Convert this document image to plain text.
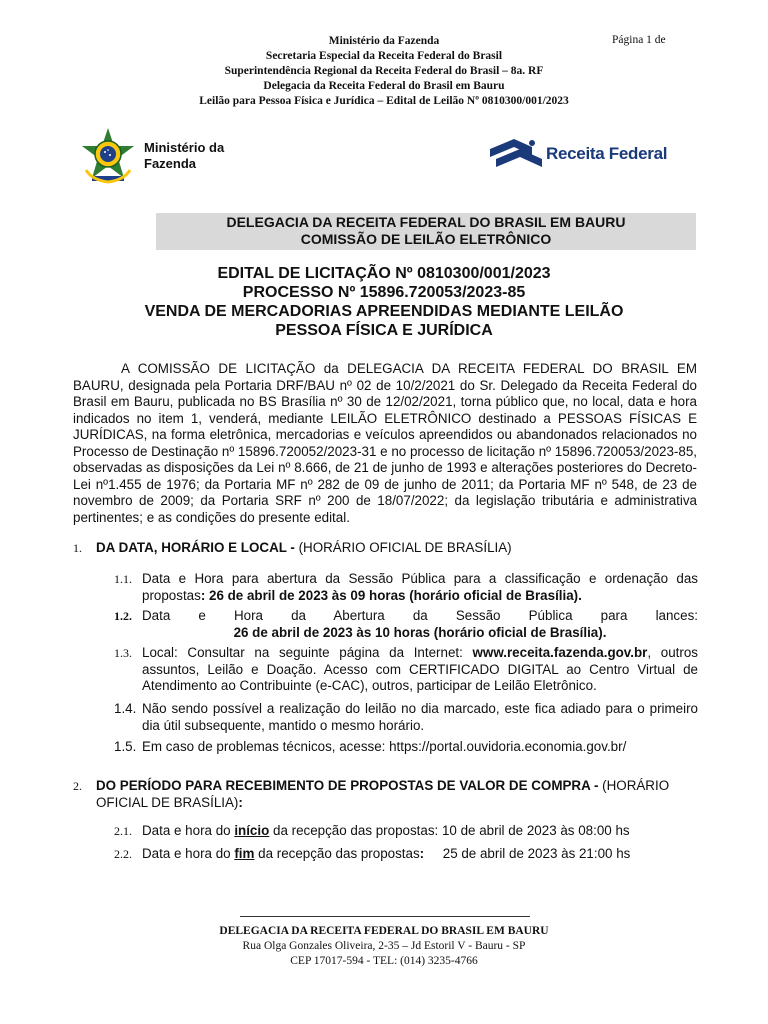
Ministério da Fazenda
Secretaria Especial da Receita Federal do Brasil
Superintendência Regional da Receita Federal do Brasil – 8a. RF
Delegacia da Receita Federal do Brasil em Bauru
Leilão para Pessoa Física e Jurídica – Edital de Leilão Nº 0810300/001/2023
Página 1 de
Ministério da
Fazenda
Receita Federal
DELEGACIA DA RECEITA FEDERAL DO BRASIL EM BAURU
COMISSÃO DE LEILÃO ELETRÔNICO
EDITAL DE LICITAÇÃO Nº 0810300/001/2023
PROCESSO Nº 15896.720053/2023-85
VENDA DE MERCADORIAS APREENDIDAS MEDIANTE LEILÃO
PESSOA FÍSICA E JURÍDICA
A COMISSÃO DE LICITAÇÃO da DELEGACIA DA RECEITA FEDERAL DO BRASIL EM BAURU, designada pela Portaria DRF/BAU nº 02 de 10/2/2021 do Sr. Delegado da Receita Federal do Brasil em Bauru, publicada no BS Brasília nº 30 de 12/02/2021, torna público que, no local, data e hora indicados no item 1, venderá, mediante LEILÃO ELETRÔNICO destinado a PESSOAS FÍSICAS E JURÍDICAS, na forma eletrônica, mercadorias e veículos apreendidos ou abandonados relacionados no Processo de Destinação nº 15896.720052/2023-31 e no processo de licitação nº 15896.720053/2023-85, observadas as disposições da Lei nº 8.666, de 21 de junho de 1993 e alterações posteriores do Decreto-Lei nº1.455 de 1976; da Portaria MF nº 282 de 09 de junho de 2011; da Portaria MF nº 548, de 23 de novembro de 2009; da Portaria SRF nº 200 de 18/07/2022; da legislação tributária e administrativa pertinentes; e as condições do presente edital.
1. DA DATA, HORÁRIO E LOCAL - (HORÁRIO OFICIAL DE BRASÍLIA)
1.1. Data e Hora para abertura da Sessão Pública para a classificação e ordenação das propostas: 26 de abril de 2023 às 09 horas (horário oficial de Brasília).
1.2. Data e Hora da Abertura da Sessão Pública para lances:
26 de abril de 2023 às 10 horas (horário oficial de Brasília).
1.3. Local: Consultar na seguinte página da Internet: www.receita.fazenda.gov.br, outros assuntos, Leilão e Doação. Acesso com CERTIFICADO DIGITAL ao Centro Virtual de Atendimento ao Contribuinte (e-CAC), outros, participar de Leilão Eletrônico.
1.4. Não sendo possível a realização do leilão no dia marcado, este fica adiado para o primeiro dia útil subsequente, mantido o mesmo horário.
1.5. Em caso de problemas técnicos, acesse: https://portal.ouvidoria.economia.gov.br/
2. DO PERÍODO PARA RECEBIMENTO DE PROPOSTAS DE VALOR DE COMPRA - (HORÁRIO OFICIAL DE BRASÍLIA):
2.1. Data e hora do início da recepção das propostas: 10 de abril de 2023 às 08:00 hs
2.2. Data e hora do fim da recepção das propostas:     25 de abril de 2023 às 21:00 hs
DELEGACIA DA RECEITA FEDERAL DO BRASIL EM BAURU
Rua Olga Gonzales Oliveira, 2-35 – Jd Estoril V - Bauru - SP
CEP 17017-594 - TEL: (014) 3235-4766
